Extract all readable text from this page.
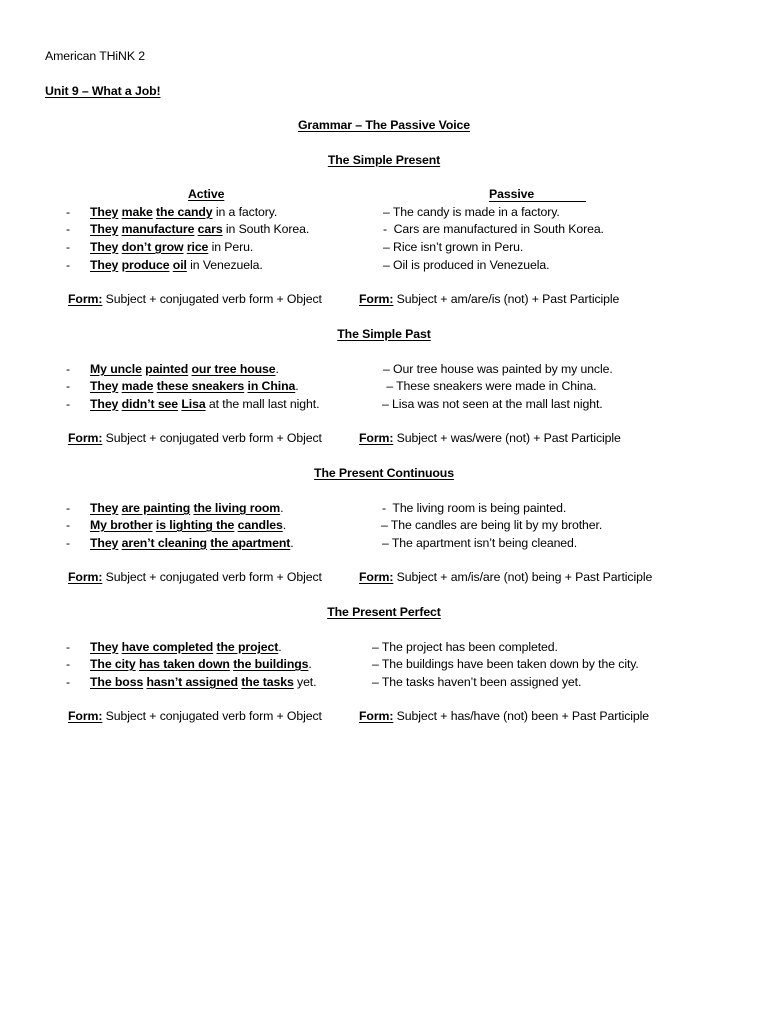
American THiNK 2
Unit 9 – What a Job!
Grammar – The Passive Voice
The Simple Present
The Simple Past
The Present Continuous
The Present Perfect
Active	Passive
- They make the candy in a factory.	– The candy is made in a factory.
- They manufacture cars in South Korea.	-  Cars are manufactured in South Korea.
- They don’t grow rice in Peru.	– Rice isn’t grown in Peru.
- They produce oil in Venezuela.	– Oil is produced in Venezuela.
Form: Subject + conjugated verb form + Object	Form: Subject + am/are/is (not) + Past Participle
- My uncle painted our tree house.	– Our tree house was painted by my uncle.
- They made these sneakers in China.	– These sneakers were made in China.
- They didn’t see Lisa at the mall last night.	– Lisa was not seen at the mall last night.
Form: Subject + conjugated verb form + Object	Form: Subject + was/were (not) + Past Participle
- They are painting the living room.	-  The living room is being painted.
- My brother is lighting the candles.	– The candles are being lit by my brother.
- They aren’t cleaning the apartment.	– The apartment isn’t being cleaned.
Form: Subject + conjugated verb form + Object	Form: Subject + am/is/are (not) being + Past Participle
- They have completed the project.	– The project has been completed.
- The city has taken down the buildings.	– The buildings have been taken down by the city.
- The boss hasn’t assigned the tasks yet.	– The tasks haven’t been assigned yet.
Form: Subject + conjugated verb form + Object	Form: Subject + has/have (not) been + Past Participle
